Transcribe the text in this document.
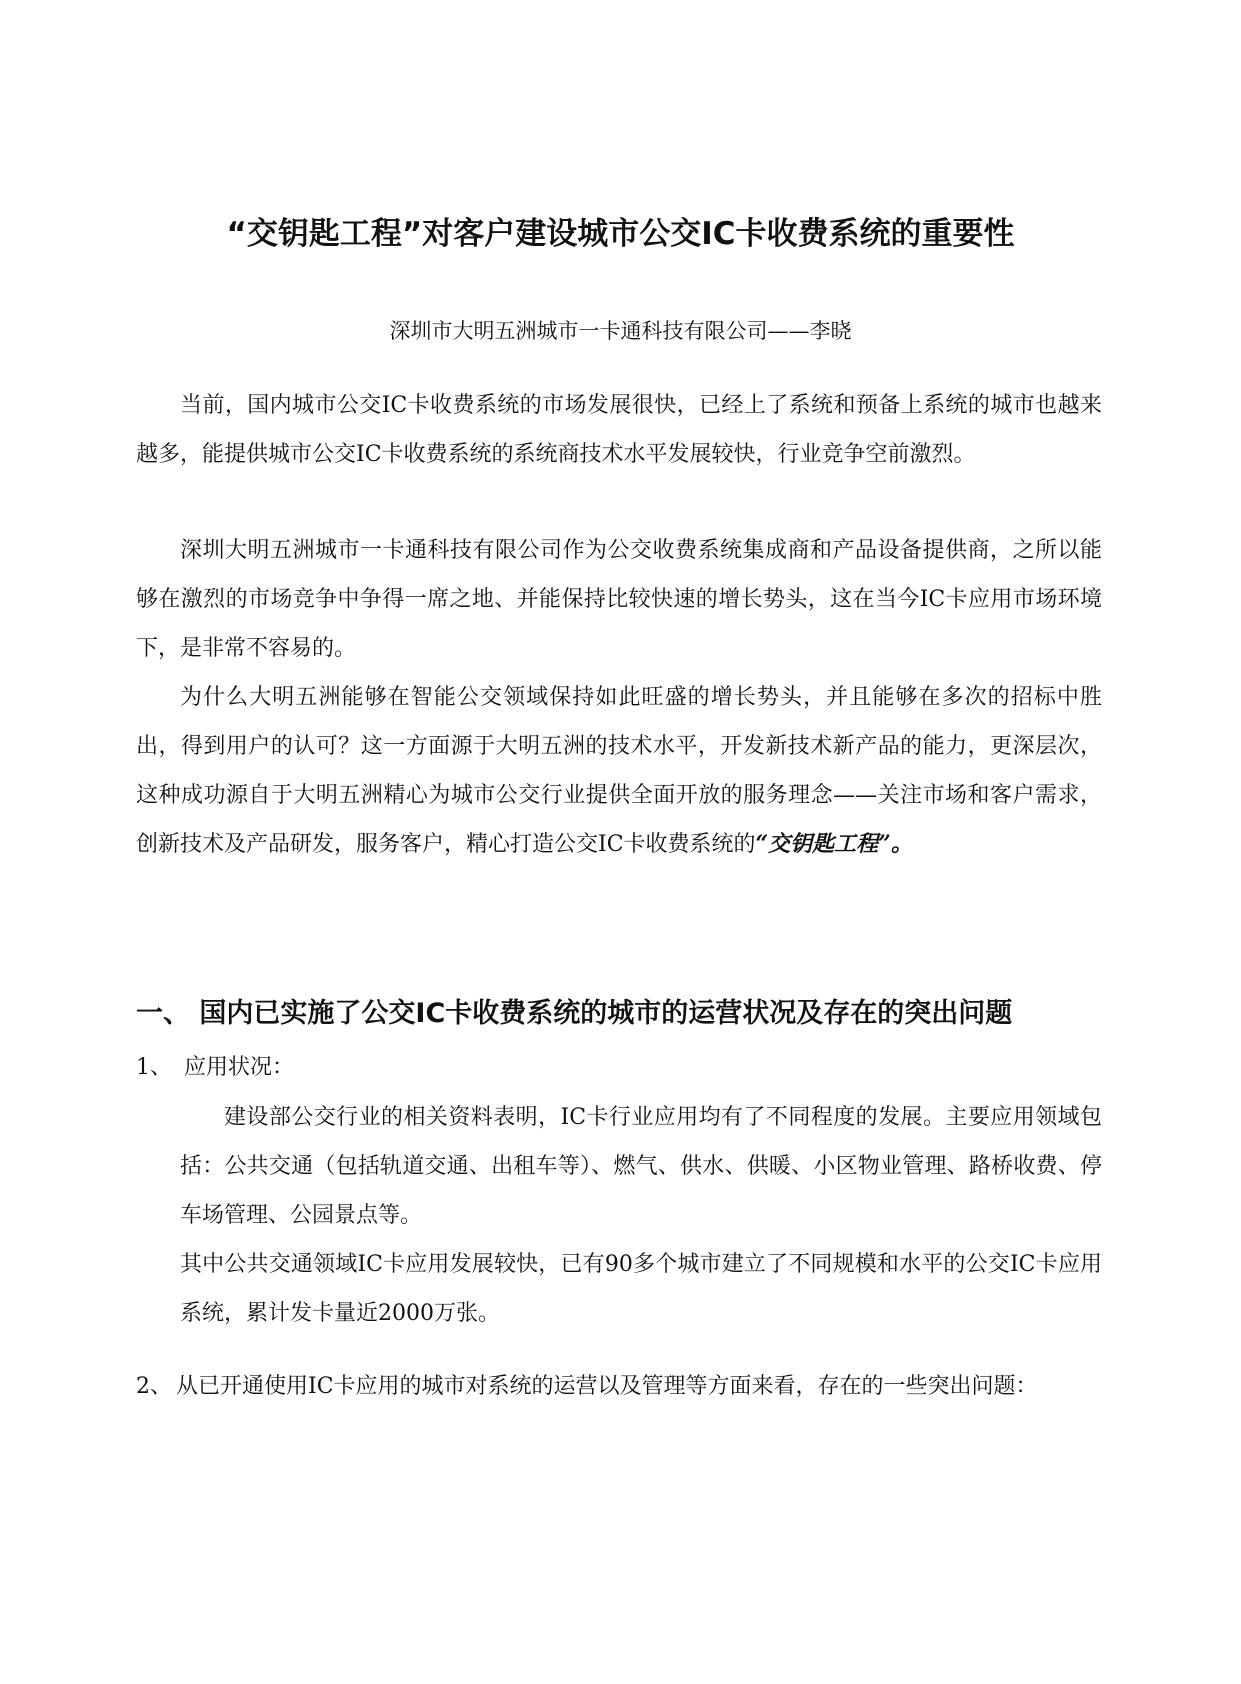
“交钥匙工程”对客户建设城市公交IC卡收费系统的重要性
深圳市大明五洲城市一卡通科技有限公司——李晓

当前，国内城市公交IC卡收费系统的市场发展很快，已经上了系统和预备上系统的城市也越来越多，能提供城市公交IC卡收费系统的系统商技术水平发展较快，行业竞争空前激烈。

深圳大明五洲城市一卡通科技有限公司作为公交收费系统集成商和产品设备提供商，之所以能够在激烈的市场竞争中争得一席之地、并能保持比较快速的增长势头，这在当今IC卡应用市场环境下，是非常不容易的。

为什么大明五洲能够在智能公交领域保持如此旺盛的增长势头，并且能够在多次的招标中胜出，得到用户的认可？这一方面源于大明五洲的技术水平，开发新技术新产品的能力，更深层次，这种成功源自于大明五洲精心为城市公交行业提供全面开放的服务理念——关注市场和客户需求，创新技术及产品研发，服务客户，精心打造公交IC卡收费系统的“交钥匙工程”。

一、 国内已实施了公交IC卡收费系统的城市的运营状况及存在的突出问题
1、 应用状况：

建设部公交行业的相关资料表明，IC卡行业应用均有了不同程度的发展。主要应用领域包括：公共交通（包括轨道交通、出租车等）、燃气、供水、供暖、小区物业管理、路桥收费、停车场管理、公园景点等。

其中公共交通领域IC卡应用发展较快，已有90多个城市建立了不同规模和水平的公交IC卡应用系统，累计发卡量近2000万张。

2、 从已开通使用IC卡应用的城市对系统的运营以及管理等方面来看，存在的一些突出问题：
